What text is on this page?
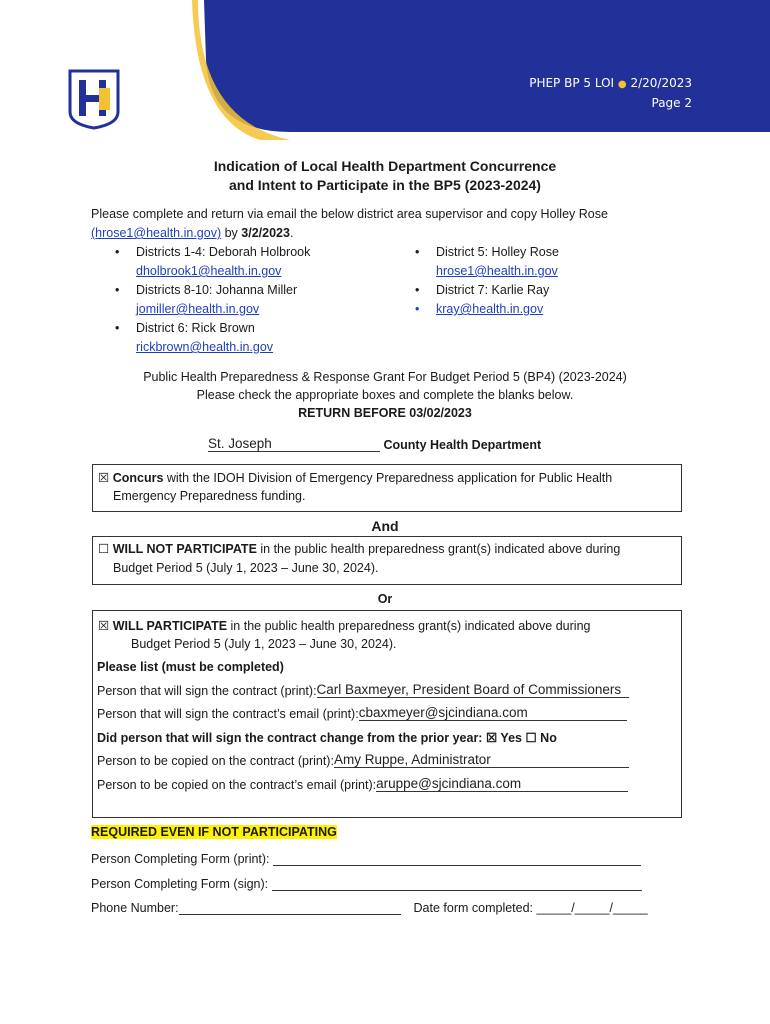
PHEP BP 5 LOI ● 2/20/2023
Page 2
Indication of Local Health Department Concurrence
and Intent to Participate in the BP5 (2023-2024)
Please complete and return via email the below district area supervisor and copy Holley Rose
(hrose1@health.in.gov) by 3/2/2023.
• Districts 1-4: Deborah Holbrook
dholbrook1@health.in.gov
• Districts 8-10: Johanna Miller
jomiller@health.in.gov
• District 6: Rick Brown
rickbrown@health.in.gov
• District 5: Holley Rose
hrose1@health.in.gov
• District 7: Karlie Ray
• kray@health.in.gov
Public Health Preparedness & Response Grant For Budget Period 5 (BP4) (2023-2024)
Please check the appropriate boxes and complete the blanks below.
RETURN BEFORE 03/02/2023
St. Joseph	County Health Department
☒ Concurs with the IDOH Division of Emergency Preparedness application for Public Health
Emergency Preparedness funding.
And
☐ WILL NOT PARTICIPATE in the public health preparedness grant(s) indicated above during
Budget Period 5 (July 1, 2023 – June 30, 2024).
Or
☒ WILL PARTICIPATE in the public health preparedness grant(s) indicated above during
Budget Period 5 (July 1, 2023 – June 30, 2024).
Please list (must be completed)
Person that will sign the contract (print):Carl Baxmeyer, President Board of Commissioners
Person that will sign the contract’s email (print):cbaxmeyer@sjcindiana.com
Did person that will sign the contract change from the prior year: ☒ Yes ☐ No
Person to be copied on the contract (print):Amy Ruppe, Administrator
Person to be copied on the contract’s email (print):aruppe@sjcindiana.com
REQUIRED EVEN IF NOT PARTICIPATING
Person Completing Form (print):
Person Completing Form (sign):
Phone Number:	Date form completed: _____/_____/_____
